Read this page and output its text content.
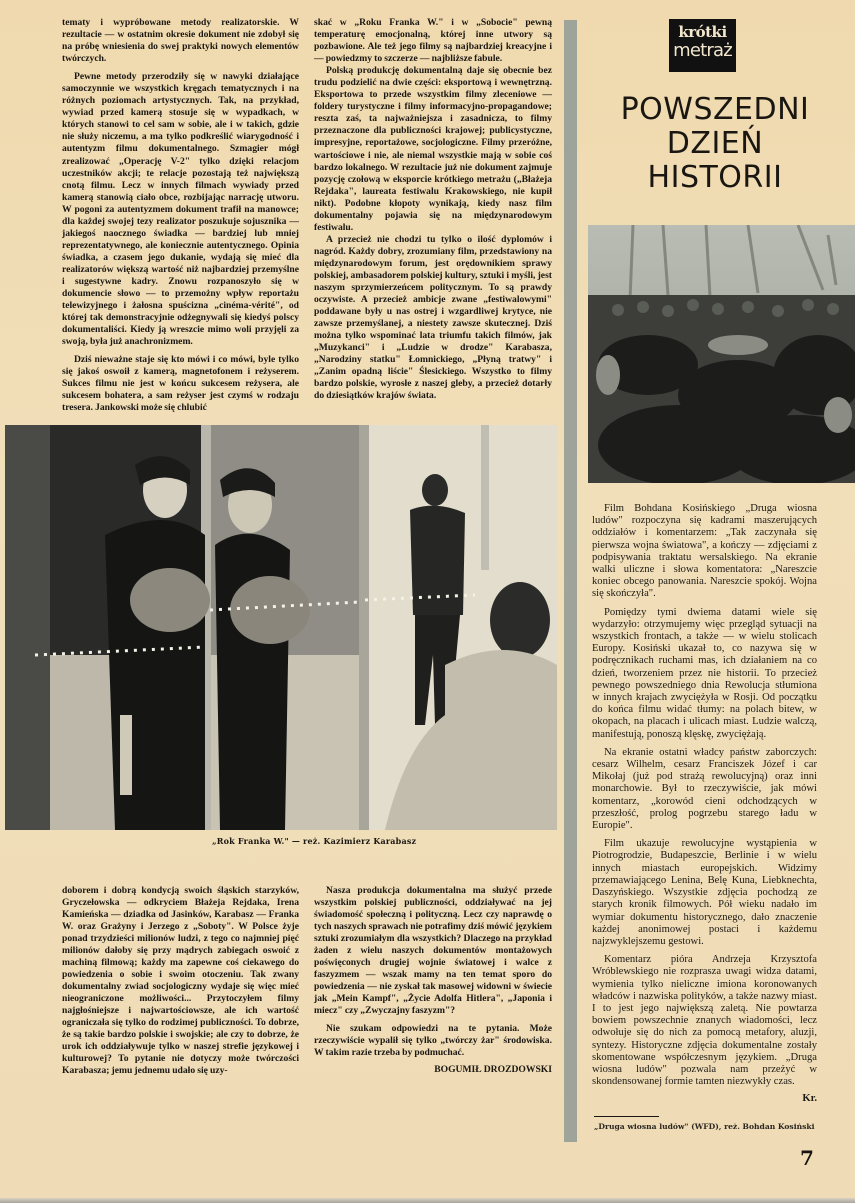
tematy i wypróbowane metody realizatorskie. W rezultacie — w ostatnim okresie dokument nie zdobył się na próbę wniesienia do swej praktyki nowych elementów twórczych.

Pewne metody przerodziły się w nawyki działające samoczynnie we wszystkich kręgach tematycznych i na różnych poziomach artystycznych. Tak, na przykład, wywiad przed kamerą stosuje się w wypadkach, w których stanowi to cel sam w sobie, ale i w takich, gdzie nie służy niczemu, a ma tylko podkreślić wiarygodność i autentyzm filmu dokumentalnego. Szmagier mógł zrealizować „Operację V-2" tylko dzięki relacjom uczestników akcji; te relacje pozostają też największą cnotą filmu. Lecz w innych filmach wywiady przed kamerą stanowią ciało obce, rozbijając narrację utworu. W pogoni za autentyzmem dokument trafił na manowce; dla każdej swojej tezy realizator poszukuje sojusznika — jakiegoś naocznego świadka — bardziej lub mniej reprezentatywnego, ale koniecznie autentycznego. Opinia świadka, a czasem jego dukanie, wydają się mieć dla realizatorów większą wartość niż najbardziej przemyślne i sugestywne kadry. Znowu rozpanoszyło się w dokumencie słowo — to przemożny wpływ reportażu telewizyjnego i żałosna spuścizna „cinéma-vérité", od której tak demonstracyjnie odżegnywali się kiedyś polscy dokumentaliści. Kiedy ją wreszcie mimo woli przyjęli za swoją, była już anachronizmem.

Dziś nieważne staje się kto mówi i co mówi, byle tylko się jakoś oswoił z kamerą, magnetofonem i reżyserem. Sukces filmu nie jest w końcu sukcesem reżysera, ale sukcesem bohatera, a sam reżyser jest czymś w rodzaju tresera. Jankowski może się chlubić

skać w „Roku Franka W." i w „Sobocie" pewną temperaturę emocjonalną, której inne utwory są pozbawione. Ale też jego filmy są najbardziej kreacyjne i — powiedzmy to szczerze — najbliższe fabule.

Polską produkcję dokumentalną daje się obecnie bez trudu podzielić na dwie części: eksportową i wewnętrzną. Eksportowa to przede wszystkim filmy zleceniowe — foldery turystyczne i filmy informacyjno-propagandowe; reszta zaś, ta najważniejsza i zasadnicza, to filmy przeznaczone dla publiczności krajowej; publicystyczne, impresyjne, reportażowe, socjologiczne. Filmy przeróżne, wartościowe i nie, ale niemal wszystkie mają w sobie coś bardzo lokalnego. W rezultacie już nie dokument zajmuje pozycję czołową w eksporcie krótkiego metrażu („Błażeja Rejdaka", laureata festiwalu Krakowskiego, nie kupił nikt). Podobne kłopoty wynikają, kiedy nasz film dokumentalny pojawia się na międzynarodowym festiwalu.

A przecież nie chodzi tu tylko o ilość dyplomów i nagród. Każdy dobry, zrozumiany film, przedstawiony na międzynarodowym forum, jest orędownikiem sprawy polskiej, ambasadorem polskiej kultury, sztuki i myśli, jest naszym sprzymierzeńcem politycznym. To są prawdy oczywiste. A przecież ambicje zwane „festiwalowymi" poddawane były u nas ostrej i wzgardliwej krytyce, nie zawsze przemyślanej, a niestety zawsze skutecznej. Dziś można tylko wspominać lata triumfu takich filmów, jak „Muzykanci" i „Ludzie w drodze" Karabasza, „Narodziny statku" Łomnickiego, „Płyną tratwy" i „Zanim opadną liście" Ślesickiego. Wszystko to filmy bardzo polskie, wyrosłe z naszej gleby, a przecież dotarły do dziesiątków krajów świata.

„Rok Franka W." — reż. Kazimierz Karabasz

doborem i dobrą kondycją swoich śląskich starzyków, Gryczełowska — odkryciem Błażeja Rejdaka, Irena Kamieńska — dziadka od Jasinków, Karabasz — Franka W. oraz Grażyny i Jerzego z „Soboty". W Polsce żyje ponad trzydzieści milionów ludzi, z tego co najmniej pięć milionów dałoby się przy mądrych zabiegach oswoić z machiną filmową; każdy ma zapewne coś ciekawego do powiedzenia o sobie i swoim otoczeniu. Tak zwany dokumentalny zwiad socjologiczny wydaje się więc mieć nieograniczone możliwości... Przytoczyłem filmy najgłośniejsze i najwartościowsze, ale ich wartość ograniczała się tylko do rodzimej publiczności. To dobrze, że są takie bardzo polskie i swojskie; ale czy to dobrze, że urok ich oddziaływuje tylko w naszej strefie językowej i kulturowej? To pytanie nie dotyczy może twórczości Karabasza; jemu jednemu udało się uzy-

Nasza produkcja dokumentalna ma służyć przede wszystkim polskiej publiczności, oddziaływać na jej świadomość społeczną i polityczną. Lecz czy naprawdę o tych naszych sprawach nie potrafimy dziś mówić językiem sztuki zrozumiałym dla wszystkich? Dlaczego na przykład żaden z wielu naszych dokumentów montażowych poświęconych drugiej wojnie światowej i walce z faszyzmem — wszak mamy na ten temat sporo do powiedzenia — nie zyskał tak masowej widowni w świecie jak „Mein Kampf", „Życie Adolfa Hitlera", „Japonia i miecz" czy „Zwyczajny faszyzm"?

Nie szukam odpowiedzi na te pytania. Może rzeczywiście wypalił się tylko „twórczy żar" środowiska. W takim razie trzeba by podmuchać.

BOGUMIŁ DROZDOWSKI

krótki
metraż
POWSZEDNI
DZIEŃ
HISTORII

Film Bohdana Kosińskiego „Druga wiosna ludów" rozpoczyna się kadrami maszerujących oddziałów i komentarzem: „Tak zaczynała się pierwsza wojna światowa", a kończy — zdjęciami z podpisywania traktatu wersalskiego. Na ekranie walki uliczne i słowa komentatora: „Nareszcie koniec obcego panowania. Nareszcie spokój. Wojna się skończyła".

Pomiędzy tymi dwiema datami wiele się wydarzyło: otrzymujemy więc przegląd sytuacji na wszystkich frontach, a także — w wielu stolicach Europy. Kosiński ukazał to, co nazywa się w podręcznikach ruchami mas, ich działaniem na co dzień, tworzeniem przez nie historii. To przecież pewnego powszedniego dnia Rewolucja stłumiona w innych krajach zwyciężyła w Rosji. Od początku do końca filmu widać tłumy: na polach bitew, w okopach, na placach i ulicach miast. Ludzie walczą, manifestują, ponoszą klęskę, zwyciężają.

Na ekranie ostatni władcy państw zaborczych: cesarz Wilhelm, cesarz Franciszek Józef i car Mikołaj (już pod strażą rewolucyjną) oraz inni monarchowie. Był to rzeczywiście, jak mówi komentarz, „korowód cieni odchodzących w przeszłość, prolog pogrzebu starego ładu w Europie".

Film ukazuje rewolucyjne wystąpienia w Piotrogrodzie, Budapeszcie, Berlinie i w wielu innych miastach europejskich. Widzimy przemawiającego Lenina, Belę Kuna, Liebknechta, Daszyńskiego. Wszystkie zdjęcia pochodzą ze starych kronik filmowych. Pół wieku nadało im wymiar dokumentu historycznego, dało znaczenie każdej anonimowej postaci i każdemu najzwyklejszemu gestowi.

Komentarz pióra Andrzeja Krzysztofa Wróblewskiego nie rozprasza uwagi widza datami, wymienia tylko nieliczne imiona koronowanych władców i nazwiska polityków, a także nazwy miast. I to jest jego największą zaletą. Nie powtarza bowiem powszechnie znanych wiadomości, lecz odwołuje się do nich za pomocą metafory, aluzji, syntezy. Historyczne zdjęcia dokumentalne zostały skomentowane współczesnym językiem. „Druga wiosna ludów" pozwala nam przeżyć w skondensowanej formie tamten niezwykły czas.

Kr.

„Druga wiosna ludów" (WFD), reż. Bohdan Kosiński
7
